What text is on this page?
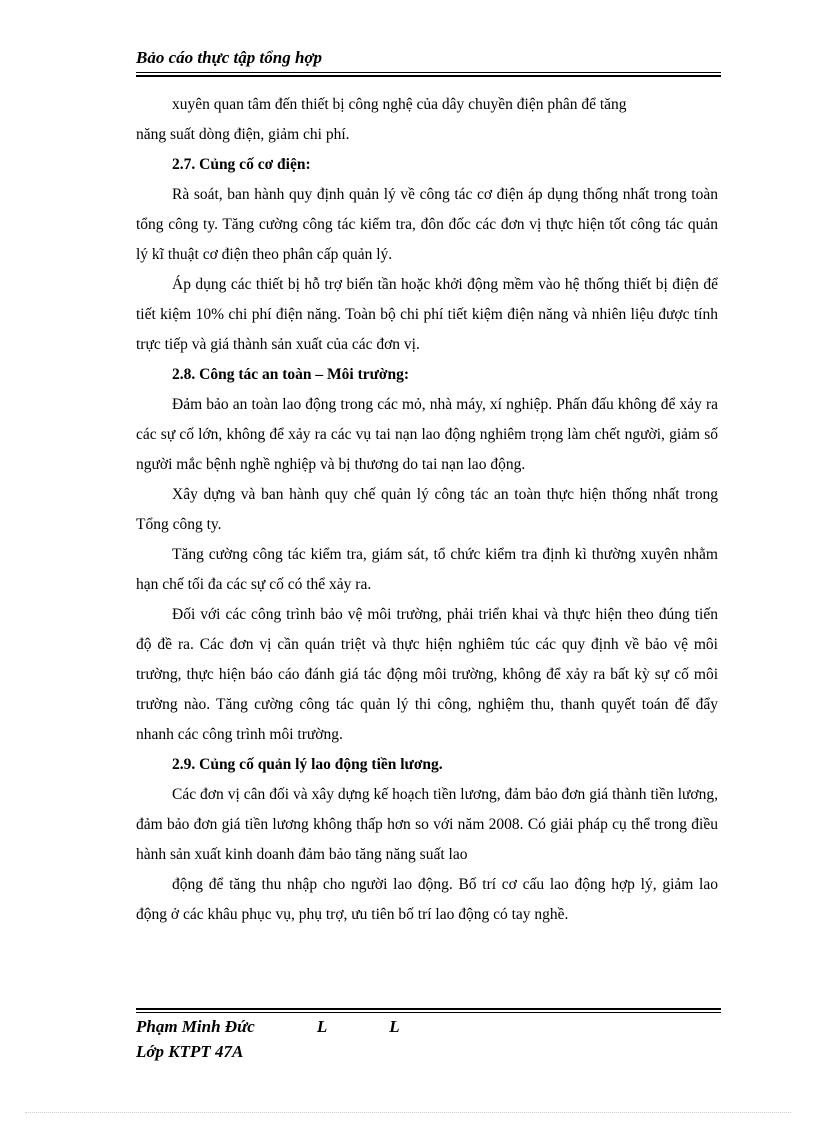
Bảo cáo thực tập tổng hợp

xuyên quan tâm đến thiết bị công nghệ của dây chuyền điện phân để tăng

năng suất dòng điện, giảm chi phí.

2.7. Củng cố cơ điện:

Rà soát, ban hành quy định quản lý về công tác cơ điện áp dụng thống nhất trong toàn tổng công ty. Tăng cường công tác kiểm tra, đôn đốc các đơn vị thực hiện tốt công tác quản lý kĩ thuật cơ điện theo phân cấp quản lý.

Áp dụng các thiết bị hỗ trợ biến tần hoặc khởi động mềm vào hệ thống thiết bị điện để tiết kiệm 10% chi phí điện năng. Toàn bộ chi phí tiết kiệm điện năng và nhiên liệu được tính trực tiếp và giá thành sản xuất của các đơn vị.

2.8. Công tác an toàn – Môi trường:

Đảm bảo an toàn lao động trong các mỏ, nhà máy, xí nghiệp. Phấn đấu không để xảy ra các sự cố lớn, không để xảy ra các vụ tai nạn lao động nghiêm trọng làm chết người, giảm số người mắc bệnh nghề nghiệp và bị thương do tai nạn lao động.

Xây dựng và ban hành quy chế quản lý công tác an toàn thực hiện thống nhất trong Tổng công ty.

Tăng cường công tác kiểm tra, giám sát, tổ chức kiểm tra định kì thường xuyên nhằm hạn chế tối đa các sự cố có thể xảy ra.

Đối với các công trình bảo vệ môi trường, phải triển khai và thực hiện theo đúng tiến độ đề ra. Các đơn vị cần quán triệt và thực hiện nghiêm túc các quy định về bảo vệ môi trường, thực hiện báo cáo đánh giá tác động môi trường, không để xảy ra bất kỳ sự cố môi trường nào. Tăng cường công tác quản lý thi công, nghiệm thu, thanh quyết toán để đẩy nhanh các công trình môi trường.

2.9. Củng cố quản lý lao động tiền lương.

Các đơn vị cân đối và xây dựng kế hoạch tiền lương, đảm bảo đơn giá thành tiền lương, đảm bảo đơn giá tiền lương không thấp hơn so với năm 2008. Có giải pháp cụ thể trong điều hành sản xuất kinh doanh đảm bảo tăng năng suất lao

động để tăng thu nhập cho người lao động. Bố trí cơ cấu lao động hợp lý, giảm lao động ở các khâu phục vụ, phụ trợ, ưu tiên bố trí lao động có tay nghề.

Phạm Minh Đức	L	L
Lớp KTPT 47A
